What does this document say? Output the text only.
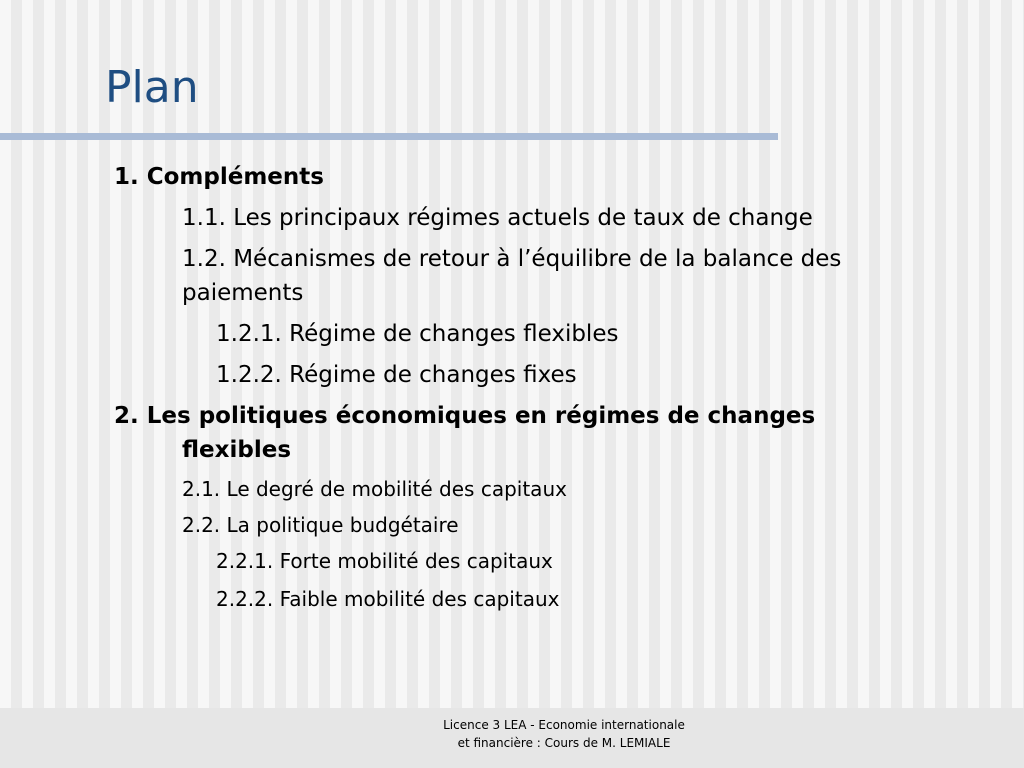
Plan

1. Compléments

1.1. Les principaux régimes actuels de taux de change

1.2. Mécanismes de retour à l’équilibre de la balance des

paiements

1.2.1. Régime de changes flexibles

1.2.2. Régime de changes fixes

2. Les politiques économiques en régimes de changes

flexibles

2.1. Le degré de mobilité des capitaux

2.2. La politique budgétaire

2.2.1. Forte mobilité des capitaux

2.2.2. Faible mobilité des capitaux

Licence 3 LEA - Economie internationale
et financière : Cours de M. LEMIALE
